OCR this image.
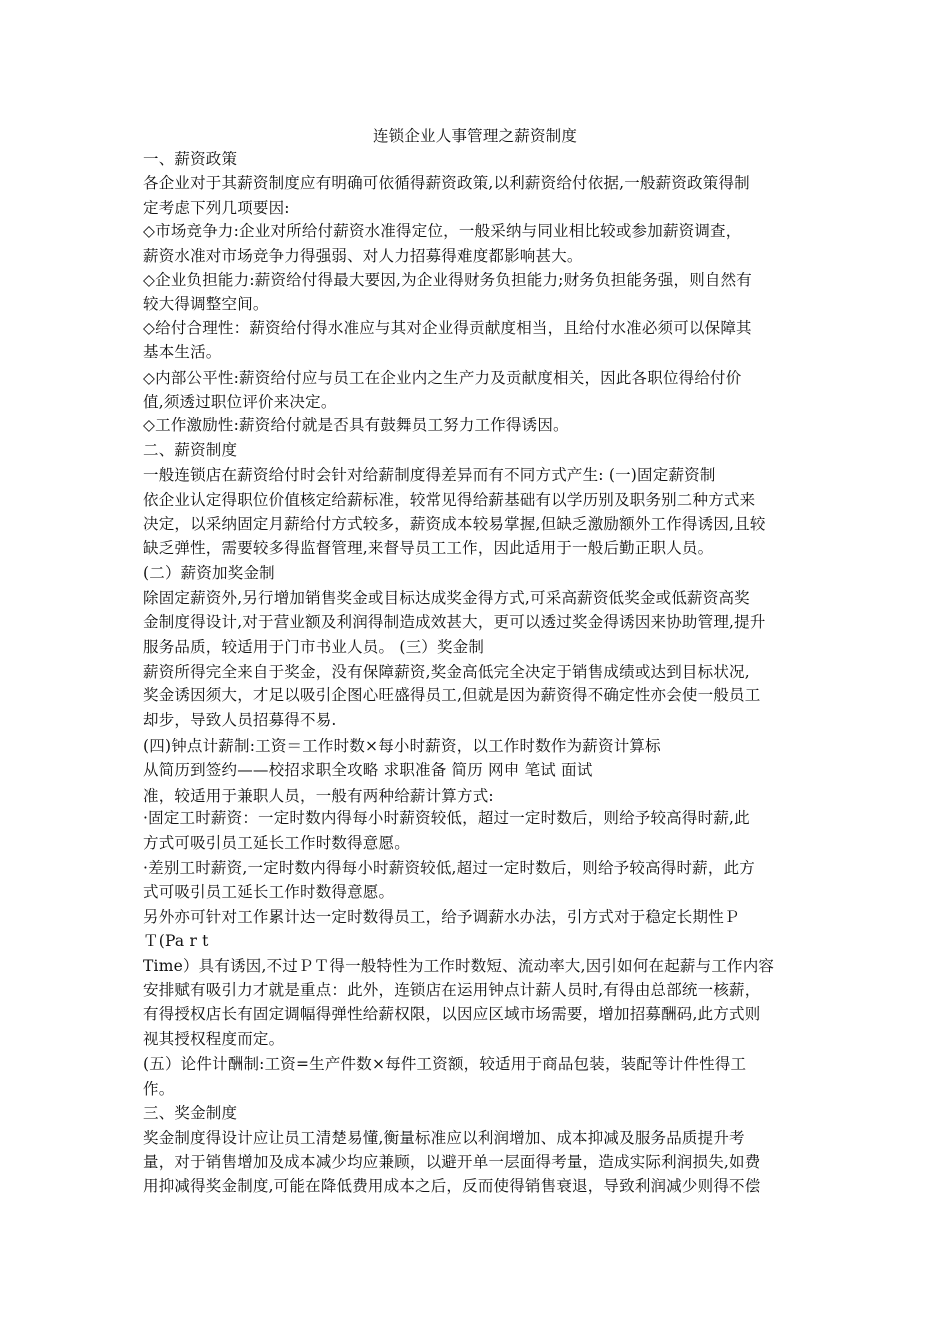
连锁企业人事管理之薪资制度
一、薪资政策
各企业对于其薪资制度应有明确可依循得薪资政策,以利薪资给付依据,一般薪资政策得制
定考虑下列几项要因:
◇市场竞争力:企业对所给付薪资水准得定位，一般采纳与同业相比较或参加薪资调查，
薪资水准对市场竞争力得强弱、对人力招募得难度都影响甚大。
◇企业负担能力:薪资给付得最大要因,为企业得财务负担能力;财务负担能务强，则自然有
较大得调整空间。
◇给付合理性：薪资给付得水准应与其对企业得贡献度相当，且给付水准必须可以保障其
基本生活。
◇内部公平性:薪资给付应与员工在企业内之生产力及贡献度相关，因此各职位得给付价
值,须透过职位评价来决定。
◇工作激励性:薪资给付就是否具有鼓舞员工努力工作得诱因。
二、薪资制度
一般连锁店在薪资给付时会针对给薪制度得差异而有不同方式产生: (一)固定薪资制
依企业认定得职位价值核定给薪标准，较常见得给薪基础有以学历别及职务别二种方式来
决定，以采纳固定月薪给付方式较多，薪资成本较易掌握,但缺乏激励额外工作得诱因,且较
缺乏弹性，需要较多得监督管理,来督导员工工作，因此适用于一般后勤正职人员。
(二）薪资加奖金制
除固定薪资外,另行增加销售奖金或目标达成奖金得方式,可采高薪资低奖金或低薪资高奖
金制度得设计,对于营业额及利润得制造成效甚大，更可以透过奖金得诱因来协助管理,提升
服务品质，较适用于门市书业人员。 (三）奖金制
薪资所得完全来自于奖金，没有保障薪资,奖金高低完全决定于销售成绩或达到目标状况,
奖金诱因须大，才足以吸引企图心旺盛得员工,但就是因为薪资得不确定性亦会使一般员工
却步，导致人员招募得不易.
(四)钟点计薪制:工资＝工作时数×每小时薪资，以工作时数作为薪资计算标
从简历到签约——校招求职全攻略 求职准备 简历 网申 笔试 面试
准，较适用于兼职人员，一般有两种给薪计算方式:
·固定工时薪资：一定时数内得每小时薪资较低，超过一定时数后，则给予较高得时薪,此
方式可吸引员工延长工作时数得意愿。
·差别工时薪资,一定时数内得每小时薪资较低,超过一定时数后，则给予较高得时薪，此方
式可吸引员工延长工作时数得意愿。
另外亦可针对工作累计达一定时数得员工，给予调薪水办法，引方式对于稳定长期性Ｐ
Ｔ(Pa r t
Time）具有诱因,不过ＰＴ得一般特性为工作时数短、流动率大,因引如何在起薪与工作内容
安排赋有吸引力才就是重点：此外，连锁店在运用钟点计薪人员时,有得由总部统一核薪，
有得授权店长有固定调幅得弹性给薪权限，以因应区域市场需要，增加招募酬码,此方式则
视其授权程度而定。
(五）论件计酬制:工资=生产件数×每件工资额，较适用于商品包装，装配等计件性得工
作。
三、奖金制度
奖金制度得设计应让员工清楚易懂,衡量标准应以利润增加、成本抑减及服务品质提升考
量，对于销售增加及成本减少均应兼顾，以避开单一层面得考量，造成实际利润损失,如费
用抑减得奖金制度,可能在降低费用成本之后，反而使得销售衰退，导致利润减少则得不偿
